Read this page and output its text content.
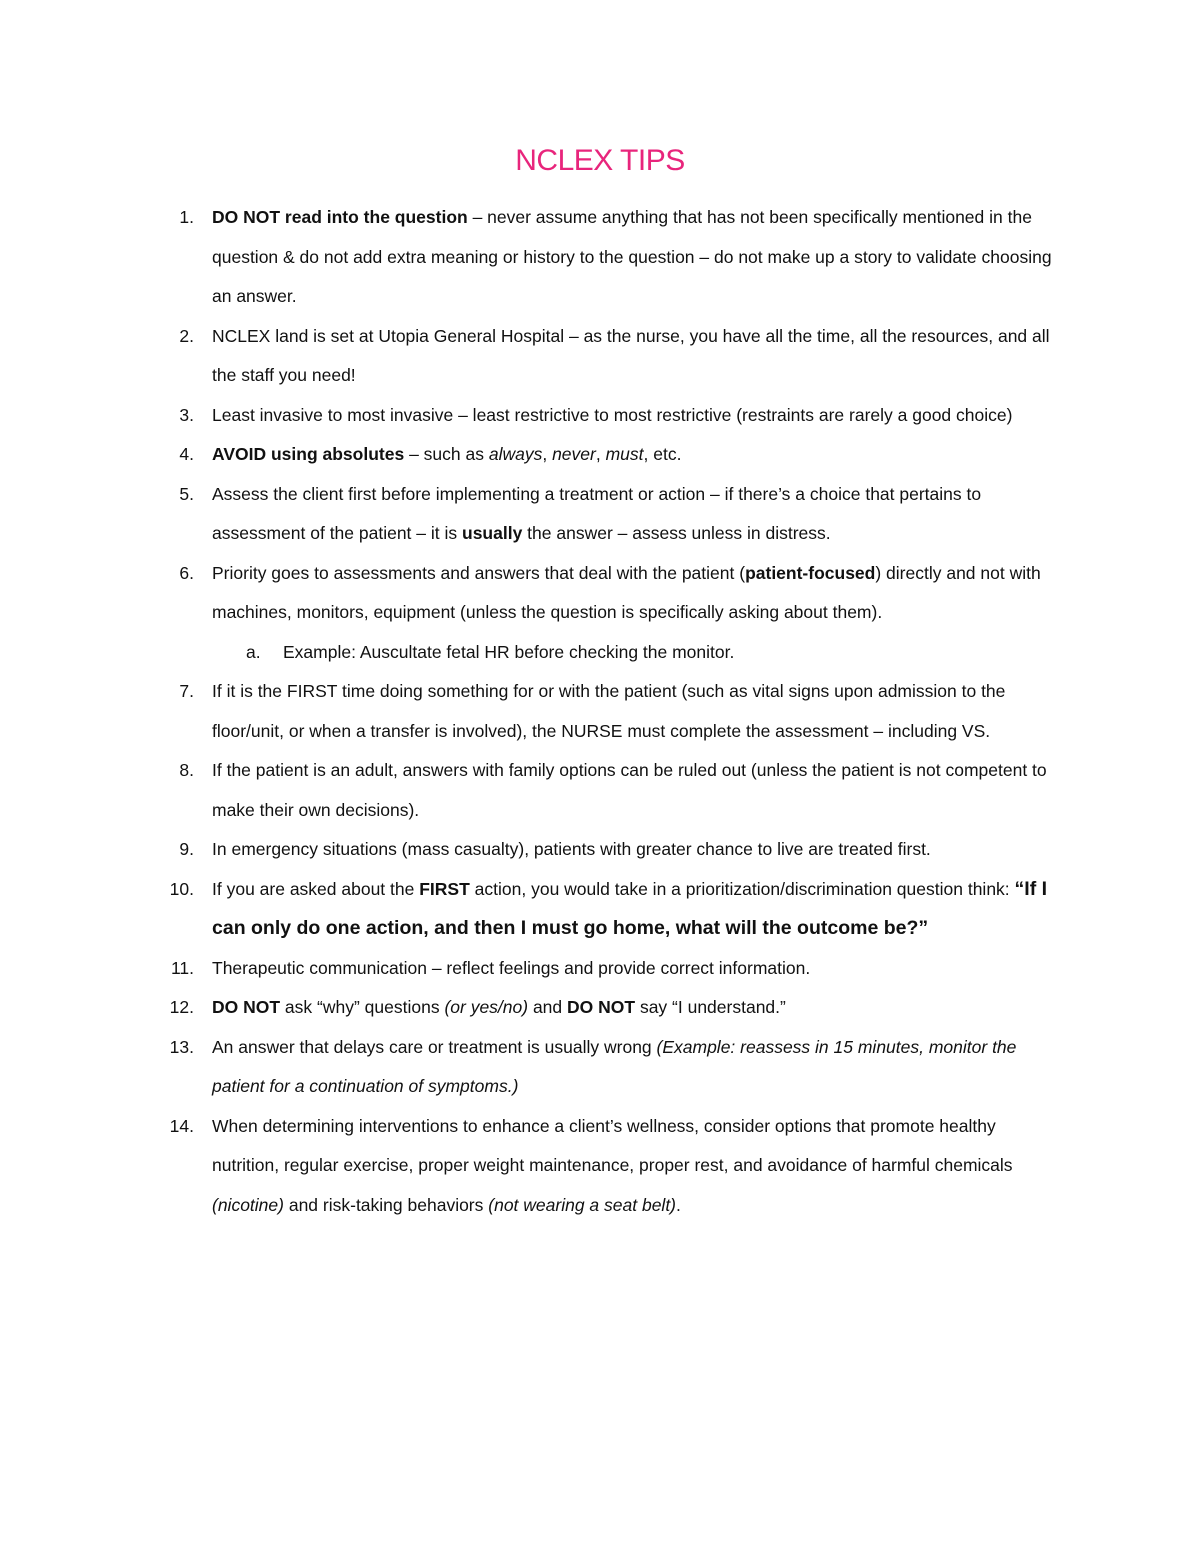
NCLEX TIPS
1. DO NOT read into the question – never assume anything that has not been specifically mentioned in the question & do not add extra meaning or history to the question – do not make up a story to validate choosing an answer.
2. NCLEX land is set at Utopia General Hospital – as the nurse, you have all the time, all the resources, and all the staff you need!
3. Least invasive to most invasive – least restrictive to most restrictive (restraints are rarely a good choice)
4. AVOID using absolutes – such as always, never, must, etc.
5. Assess the client first before implementing a treatment or action – if there’s a choice that pertains to assessment of the patient – it is usually the answer – assess unless in distress.
6. Priority goes to assessments and answers that deal with the patient (patient-focused) directly and not with machines, monitors, equipment (unless the question is specifically asking about them).
a. Example: Auscultate fetal HR before checking the monitor.
7. If it is the FIRST time doing something for or with the patient (such as vital signs upon admission to the floor/unit, or when a transfer is involved), the NURSE must complete the assessment – including VS.
8. If the patient is an adult, answers with family options can be ruled out (unless the patient is not competent to make their own decisions).
9. In emergency situations (mass casualty), patients with greater chance to live are treated first.
10. If you are asked about the FIRST action, you would take in a prioritization/discrimination question think: “If I can only do one action, and then I must go home, what will the outcome be?”
11. Therapeutic communication – reflect feelings and provide correct information.
12. DO NOT ask “why” questions (or yes/no) and DO NOT say “I understand.”
13. An answer that delays care or treatment is usually wrong (Example: reassess in 15 minutes, monitor the patient for a continuation of symptoms.)
14. When determining interventions to enhance a client’s wellness, consider options that promote healthy nutrition, regular exercise, proper weight maintenance, proper rest, and avoidance of harmful chemicals (nicotine) and risk-taking behaviors (not wearing a seat belt).
